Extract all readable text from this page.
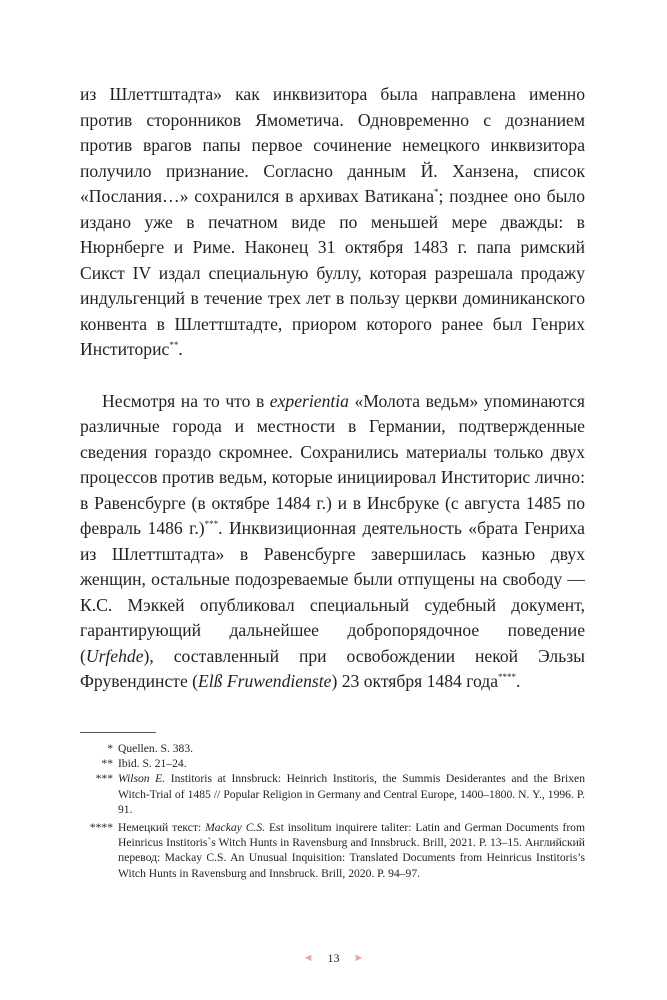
из Шлеттштадта» как инквизитора была направлена именно против сторонников Ямометича. Одновременно с дознанием против врагов папы первое сочинение немецкого инквизитора получило признание. Согласно данным Й. Ханзена, список «Послания…» сохранился в архивах Ватикана*; позднее оно было издано уже в печатном виде по меньшей мере дважды: в Нюрнберге и Риме. Наконец 31 октября 1483 г. папа римский Сикст IV издал специальную буллу, которая разрешала продажу индульгенций в течение трех лет в пользу церкви доминиканского конвента в Шлеттштадте, приором которого ранее был Генрих Инститорис**.

Несмотря на то что в experientia «Молота ведьм» упоминаются различные города и местности в Германии, подтвержденные сведения гораздо скромнее. Сохранились материалы только двух процессов против ведьм, которые инициировал Инститорис лично: в Равенсбурге (в октябре 1484 г.) и в Инсбруке (с августа 1485 по февраль 1486 г.)***. Инквизиционная деятельность «брата Генриха из Шлеттштадта» в Равенсбурге завершилась казнью двух женщин, остальные подозреваемые были отпущены на свободу — К.С. Мэккей опубликовал специальный судебный документ, гарантирующий дальнейшее добропорядочное поведение (Urfehde), составленный при освобождении некой Эльзы Фрувендинсте (Elß Fruwendienste) 23 октября 1484 года****.

* Quellen. S. 383.
** Ibid. S. 21–24.
*** Wilson E. Institoris at Innsbruck: Heinrich Institoris, the Summis Desiderantes and the Brixen Witch-Trial of 1485 // Popular Religion in Germany and Central Europe, 1400–1800. N. Y., 1996. P. 91.
**** Немецкий текст: Mackay C.S. Est insolitum inquirere taliter: Latin and German Documents from Heinricus Institoris`s Witch Hunts in Ravensburg and Innsbruck. Brill, 2021. P. 13–15. Английский перевод: Mackay C.S. An Unusual Inquisition: Translated Documents from Heinricus Institoris’s Witch Hunts in Ravensburg and Innsbruck. Brill, 2020. P. 94–97.
◄ 13 ►
